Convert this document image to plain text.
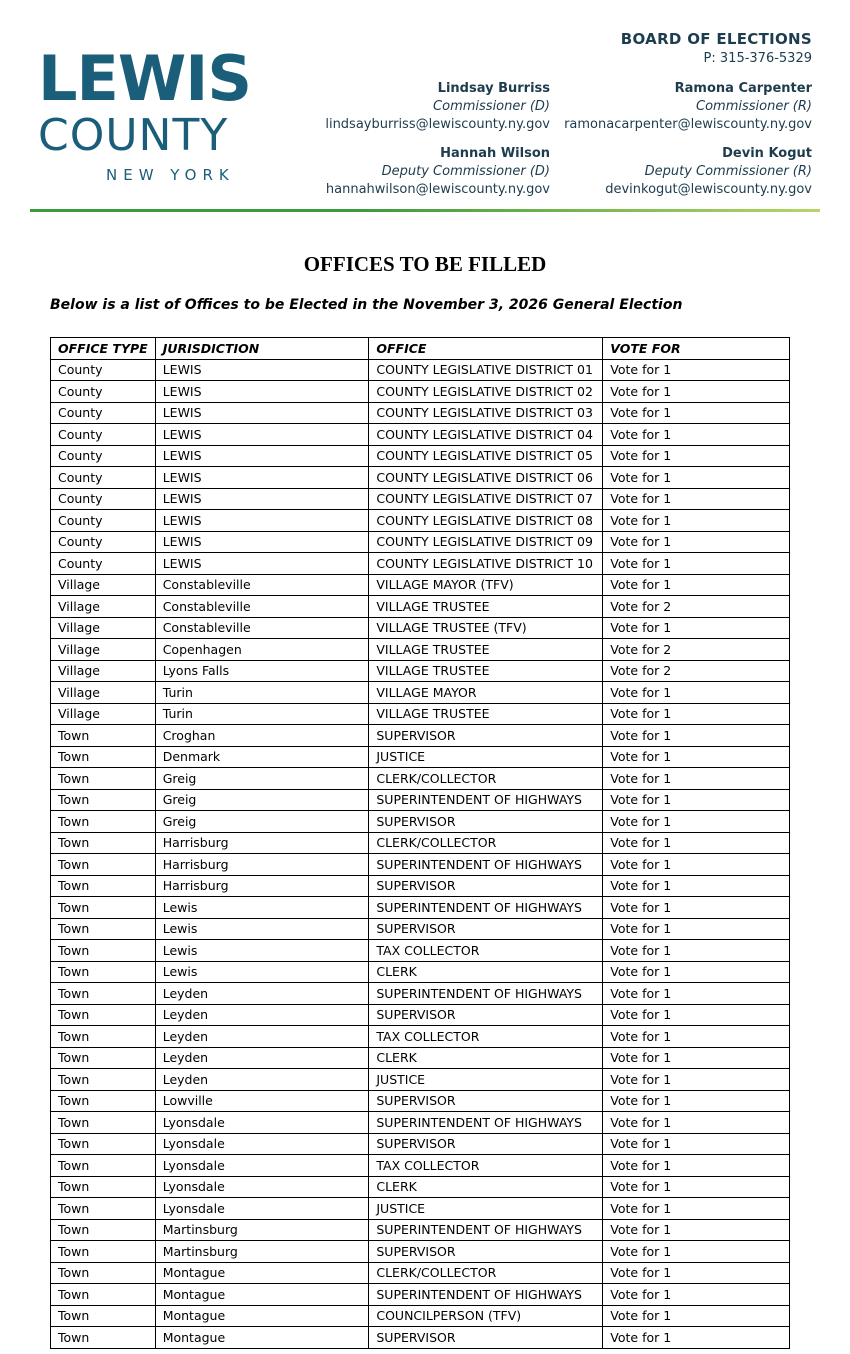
LEWIS
COUNTY
NEW YORK
BOARD OF ELECTIONS
P: 315-376-5329
Lindsay Burriss
Commissioner (D)
lindsayburriss@lewiscounty.ny.gov
Ramona Carpenter
Commissioner (R)
ramonacarpenter@lewiscounty.ny.gov
Hannah Wilson
Deputy Commissioner (D)
hannahwilson@lewiscounty.ny.gov
Devin Kogut
Deputy Commissioner (R)
devinkogut@lewiscounty.ny.gov
OFFICES TO BE FILLED
Below is a list of Offices to be Elected in the November 3, 2026 General Election
OFFICE TYPE	JURISDICTION	OFFICE	VOTE FOR
County	LEWIS	COUNTY LEGISLATIVE DISTRICT 01	Vote for 1
County	LEWIS	COUNTY LEGISLATIVE DISTRICT 02	Vote for 1
County	LEWIS	COUNTY LEGISLATIVE DISTRICT 03	Vote for 1
County	LEWIS	COUNTY LEGISLATIVE DISTRICT 04	Vote for 1
County	LEWIS	COUNTY LEGISLATIVE DISTRICT 05	Vote for 1
County	LEWIS	COUNTY LEGISLATIVE DISTRICT 06	Vote for 1
County	LEWIS	COUNTY LEGISLATIVE DISTRICT 07	Vote for 1
County	LEWIS	COUNTY LEGISLATIVE DISTRICT 08	Vote for 1
County	LEWIS	COUNTY LEGISLATIVE DISTRICT 09	Vote for 1
County	LEWIS	COUNTY LEGISLATIVE DISTRICT 10	Vote for 1
Village	Constableville	VILLAGE MAYOR (TFV)	Vote for 1
Village	Constableville	VILLAGE TRUSTEE	Vote for 2
Village	Constableville	VILLAGE TRUSTEE (TFV)	Vote for 1
Village	Copenhagen	VILLAGE TRUSTEE	Vote for 2
Village	Lyons Falls	VILLAGE TRUSTEE	Vote for 2
Village	Turin	VILLAGE MAYOR	Vote for 1
Village	Turin	VILLAGE TRUSTEE	Vote for 1
Town	Croghan	SUPERVISOR	Vote for 1
Town	Denmark	JUSTICE	Vote for 1
Town	Greig	CLERK/COLLECTOR	Vote for 1
Town	Greig	SUPERINTENDENT OF HIGHWAYS	Vote for 1
Town	Greig	SUPERVISOR	Vote for 1
Town	Harrisburg	CLERK/COLLECTOR	Vote for 1
Town	Harrisburg	SUPERINTENDENT OF HIGHWAYS	Vote for 1
Town	Harrisburg	SUPERVISOR	Vote for 1
Town	Lewis	SUPERINTENDENT OF HIGHWAYS	Vote for 1
Town	Lewis	SUPERVISOR	Vote for 1
Town	Lewis	TAX COLLECTOR	Vote for 1
Town	Lewis	CLERK	Vote for 1
Town	Leyden	SUPERINTENDENT OF HIGHWAYS	Vote for 1
Town	Leyden	SUPERVISOR	Vote for 1
Town	Leyden	TAX COLLECTOR	Vote for 1
Town	Leyden	CLERK	Vote for 1
Town	Leyden	JUSTICE	Vote for 1
Town	Lowville	SUPERVISOR	Vote for 1
Town	Lyonsdale	SUPERINTENDENT OF HIGHWAYS	Vote for 1
Town	Lyonsdale	SUPERVISOR	Vote for 1
Town	Lyonsdale	TAX COLLECTOR	Vote for 1
Town	Lyonsdale	CLERK	Vote for 1
Town	Lyonsdale	JUSTICE	Vote for 1
Town	Martinsburg	SUPERINTENDENT OF HIGHWAYS	Vote for 1
Town	Martinsburg	SUPERVISOR	Vote for 1
Town	Montague	CLERK/COLLECTOR	Vote for 1
Town	Montague	SUPERINTENDENT OF HIGHWAYS	Vote for 1
Town	Montague	COUNCILPERSON (TFV)	Vote for 1
Town	Montague	SUPERVISOR	Vote for 1
